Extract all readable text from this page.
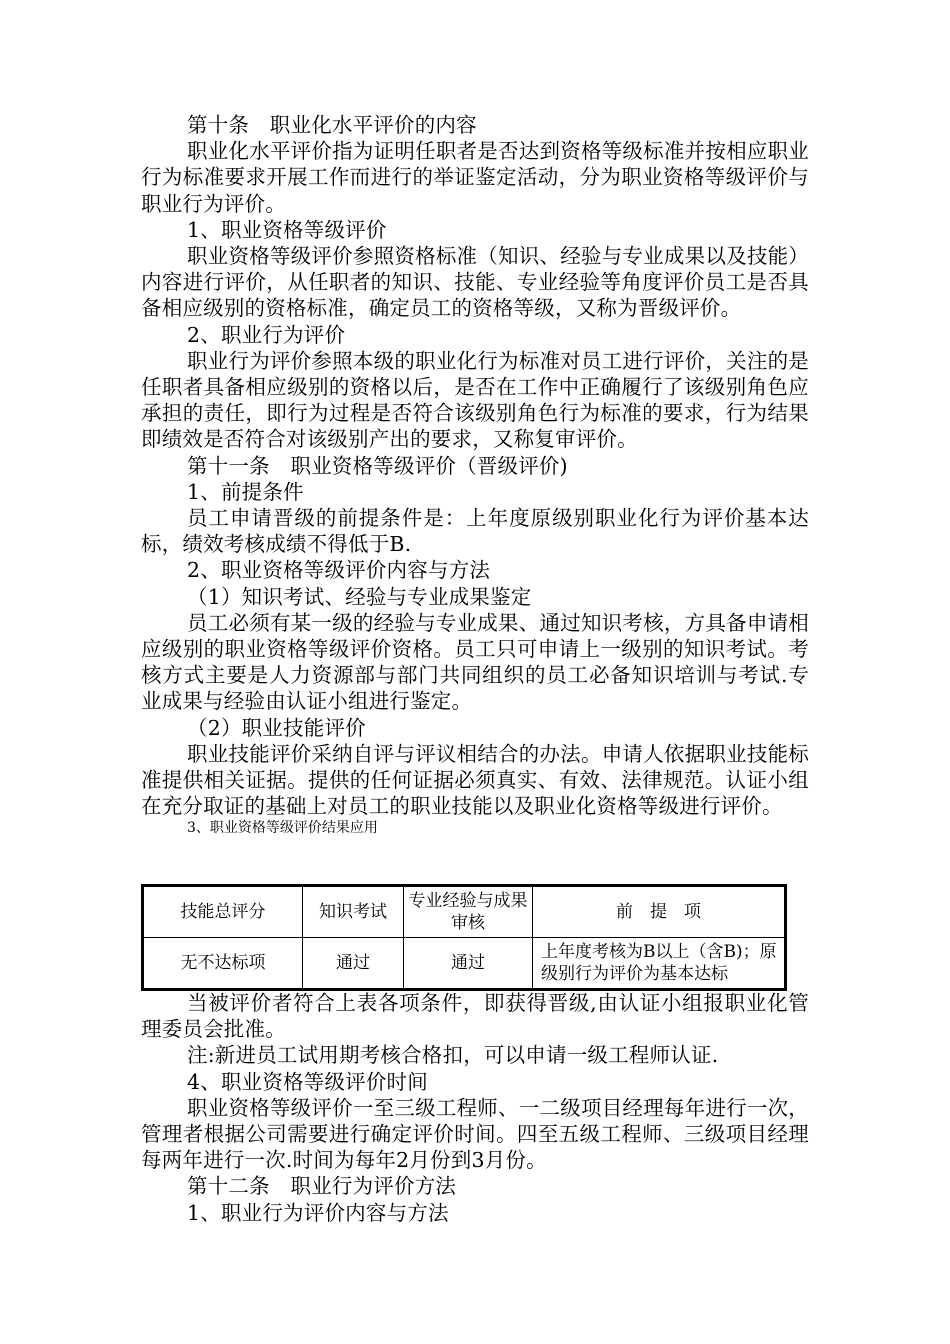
第十条　职业化水平评价的内容

职业化水平评价指为证明任职者是否达到资格等级标准并按相应职业行为标准要求开展工作而进行的举证鉴定活动，分为职业资格等级评价与职业行为评价。

1、职业资格等级评价

职业资格等级评价参照资格标准（知识、经验与专业成果以及技能）内容进行评价，从任职者的知识、技能、专业经验等角度评价员工是否具备相应级别的资格标准，确定员工的资格等级，又称为晋级评价。

2、职业行为评价

职业行为评价参照本级的职业化行为标准对员工进行评价，关注的是任职者具备相应级别的资格以后，是否在工作中正确履行了该级别角色应承担的责任，即行为过程是否符合该级别角色行为标准的要求，行为结果即绩效是否符合对该级别产出的要求，又称复审评价。

第十一条　职业资格等级评价（晋级评价)

1、前提条件

员工申请晋级的前提条件是：上年度原级别职业化行为评价基本达标，绩效考核成绩不得低于B.

2、职业资格等级评价内容与方法

（1）知识考试、经验与专业成果鉴定

员工必须有某一级的经验与专业成果、通过知识考核，方具备申请相应级别的职业资格等级评价资格。员工只可申请上一级别的知识考试。考核方式主要是人力资源部与部门共同组织的员工必备知识培训与考试.专业成果与经验由认证小组进行鉴定。

（2）职业技能评价

职业技能评价采纳自评与评议相结合的办法。申请人依据职业技能标准提供相关证据。提供的任何证据必须真实、有效、法律规范。认证小组在充分取证的基础上对员工的职业技能以及职业化资格等级进行评价。

3、职业资格等级评价结果应用

技能总评分	知识考试	专业经验与成果审核	前　提　项
无不达标项	通过	通过	上年度考核为B以上（含B)；原级别行为评价为基本达标

当被评价者符合上表各项条件，即获得晋级,由认证小组报职业化管理委员会批准。

注:新进员工试用期考核合格扣，可以申请一级工程师认证.

4、职业资格等级评价时间

职业资格等级评价一至三级工程师、一二级项目经理每年进行一次，管理者根据公司需要进行确定评价时间。四至五级工程师、三级项目经理每两年进行一次.时间为每年2月份到3月份。

第十二条　职业行为评价方法

1、职业行为评价内容与方法
